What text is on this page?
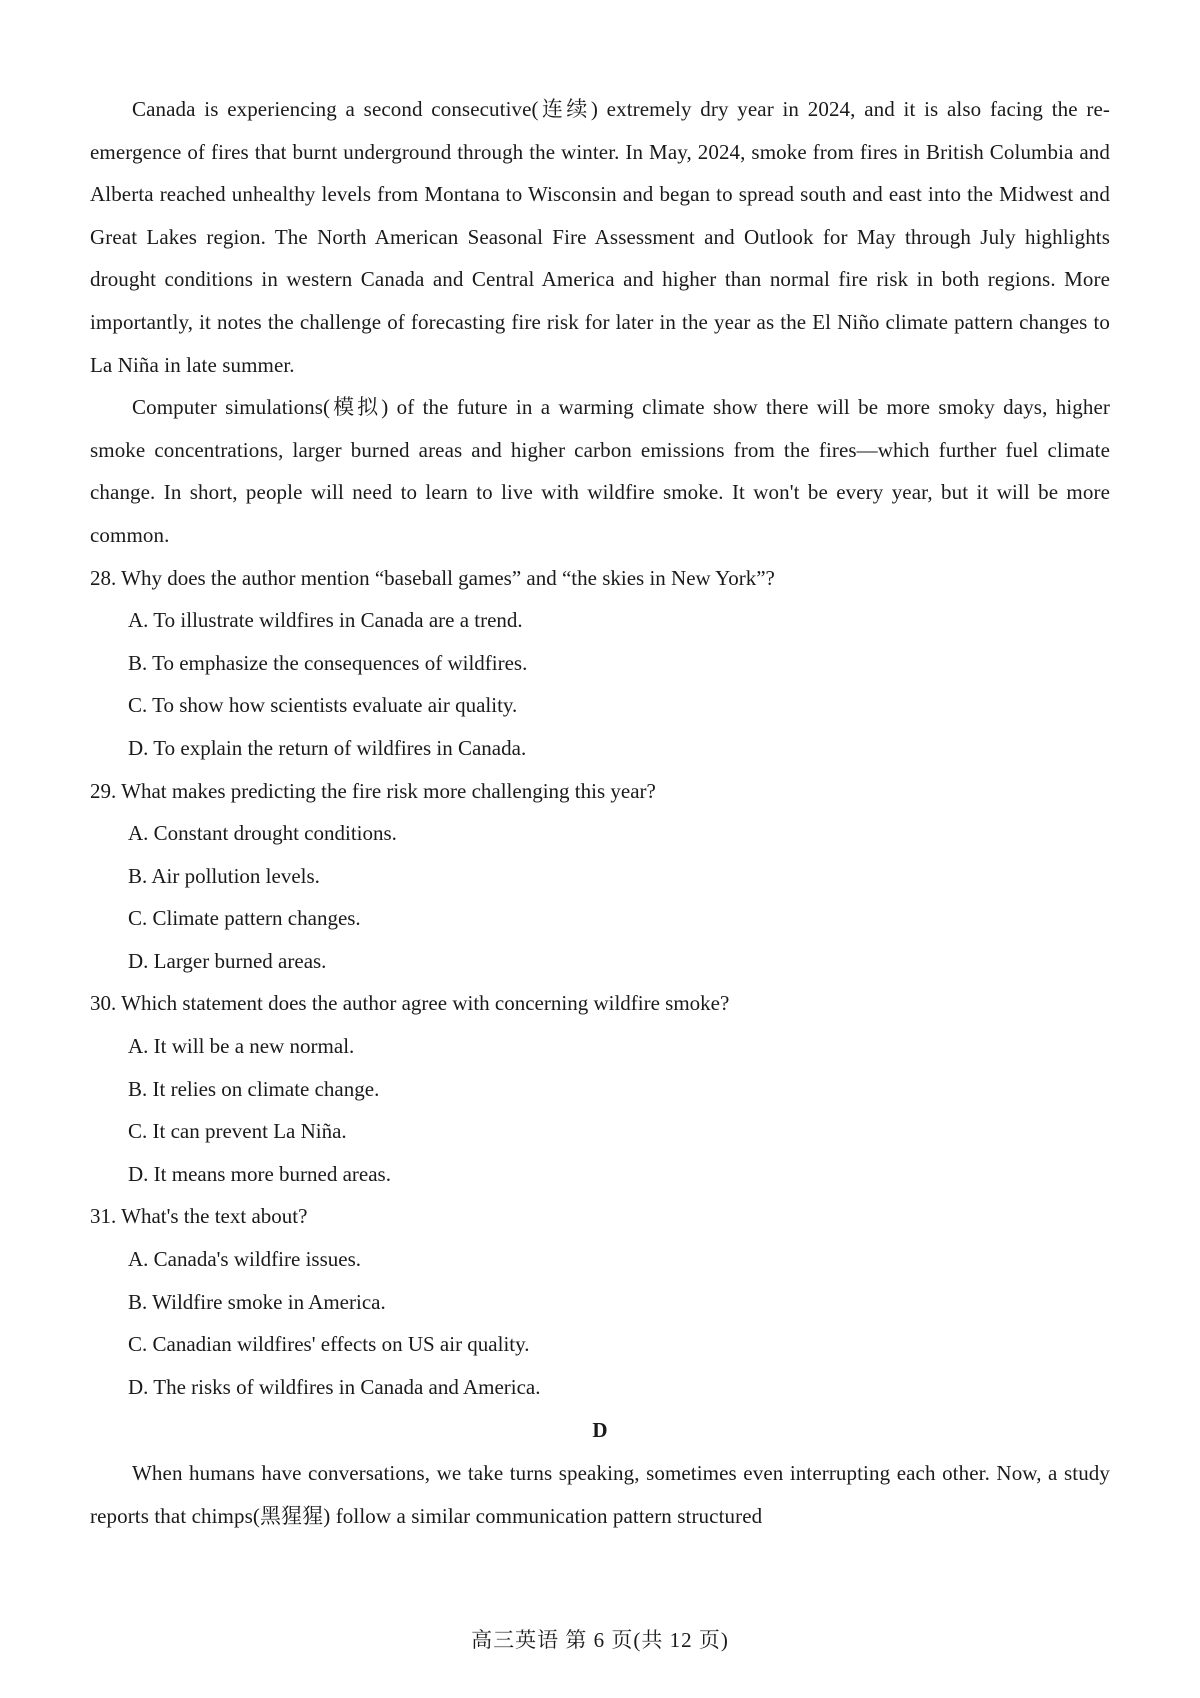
Canada is experiencing a second consecutive(连续) extremely dry year in 2024, and it is also facing the re-emergence of fires that burnt underground through the winter. In May, 2024, smoke from fires in British Columbia and Alberta reached unhealthy levels from Montana to Wisconsin and began to spread south and east into the Midwest and Great Lakes region. The North American Seasonal Fire Assessment and Outlook for May through July highlights drought conditions in western Canada and Central America and higher than normal fire risk in both regions. More importantly, it notes the challenge of forecasting fire risk for later in the year as the El Niño climate pattern changes to La Niña in late summer.

Computer simulations(模拟) of the future in a warming climate show there will be more smoky days, higher smoke concentrations, larger burned areas and higher carbon emissions from the fires—which further fuel climate change. In short, people will need to learn to live with wildfire smoke. It won't be every year, but it will be more common.

28. Why does the author mention “baseball games” and “the skies in New York”?

A. To illustrate wildfires in Canada are a trend.
B. To emphasize the consequences of wildfires.
C. To show how scientists evaluate air quality.
D. To explain the return of wildfires in Canada.

29. What makes predicting the fire risk more challenging this year?

A. Constant drought conditions.
B. Air pollution levels.
C. Climate pattern changes.
D. Larger burned areas.

30. Which statement does the author agree with concerning wildfire smoke?

A. It will be a new normal.
B. It relies on climate change.
C. It can prevent La Niña.
D. It means more burned areas.

31. What's the text about?

A. Canada's wildfire issues.
B. Wildfire smoke in America.
C. Canadian wildfires' effects on US air quality.
D. The risks of wildfires in Canada and America.

D

When humans have conversations, we take turns speaking, sometimes even interrupting each other. Now, a study reports that chimps(黑猩猩) follow a similar communication pattern structured

高三英语 第 6 页(共 12 页)
